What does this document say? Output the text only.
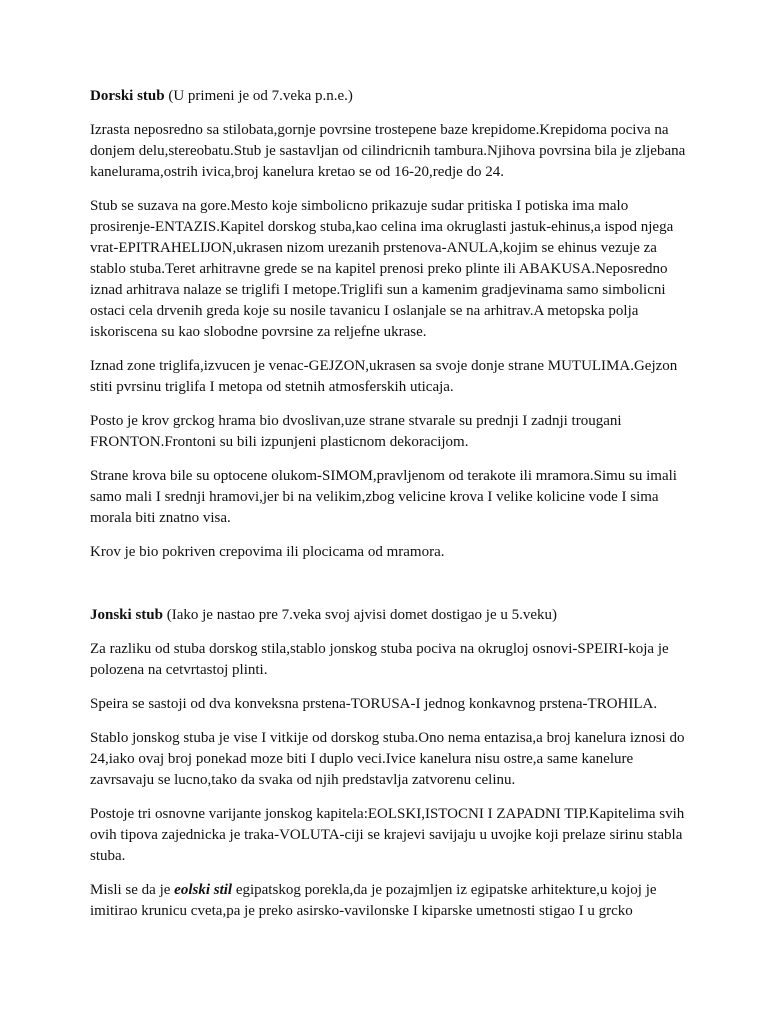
Dorski stub (U primeni je od 7.veka p.n.e.)

Izrasta neposredno sa stilobata,gornje povrsine trostepene baze krepidome.Krepidoma pociva na donjem delu,stereobatu.Stub je sastavljan od cilindricnih tambura.Njihova povrsina bila je zljebana kanelurama,ostrih ivica,broj kanelura kretao se od 16-20,redje do 24.

Stub se suzava na gore.Mesto koje simbolicno prikazuje sudar pritiska I potiska ima malo prosirenje-ENTAZIS.Kapitel dorskog stuba,kao celina ima okruglasti jastuk-ehinus,a ispod njega vrat-EPITRAHELIJON,ukrasen nizom urezanih prstenova-ANULA,kojim se ehinus vezuje za stablo stuba.Teret arhitravne grede se na kapitel prenosi preko plinte ili ABAKUSA.Neposredno iznad arhitrava nalaze se triglifi I metope.Triglifi sun a kamenim gradjevinama samo simbolicni ostaci cela drvenih greda koje su nosile tavanicu I oslanjale se na arhitrav.A metopska polja iskoriscena su kao slobodne povrsine za reljefne ukrase.

Iznad zone triglifa,izvucen je venac-GEJZON,ukrasen sa svoje donje strane MUTULIMA.Gejzon stiti pvrsinu triglifa I metopa od stetnih atmosferskih uticaja.

Posto je krov grckog hrama bio dvoslivan,uze strane stvarale su prednji I zadnji trougani FRONTON.Frontoni su bili izpunjeni plasticnom dekoracijom.

Strane krova bile su optocene olukom-SIMOM,pravljenom od terakote ili mramora.Simu su imali samo mali I srednji hramovi,jer bi na velikim,zbog velicine krova I velike kolicine vode I sima morala biti znatno visa.

Krov je bio pokriven crepovima ili plocicama od mramora.

Jonski stub (Iako je nastao pre 7.veka svoj ajvisi domet dostigao je u 5.veku)

Za razliku od stuba dorskog stila,stablo jonskog stuba pociva na okrugloj osnovi-SPEIRI-koja je polozena na cetvrtastoj plinti.

Speira se sastoji od dva konveksna prstena-TORUSA-I jednog konkavnog prstena-TROHILA.

Stablo jonskog stuba je vise I vitkije od dorskog stuba.Ono nema entazisa,a broj kanelura iznosi do 24,iako ovaj broj ponekad moze biti I duplo veci.Ivice kanelura nisu ostre,a same kanelure zavrsavaju se lucno,tako da svaka od njih predstavlja zatvorenu celinu.

Postoje tri osnovne varijante jonskog kapitela:EOLSKI,ISTOCNI I ZAPADNI TIP.Kapitelima svih ovih tipova zajednicka je traka-VOLUTA-ciji se krajevi savijaju u uvojke koji prelaze sirinu stabla stuba.

Misli se da je eolski stil egipatskog porekla,da je pozajmljen iz egipatske arhitekture,u kojoj je imitirao krunicu cveta,pa je preko asirsko-vavilonske I kiparske umetnosti stigao I u grcko
